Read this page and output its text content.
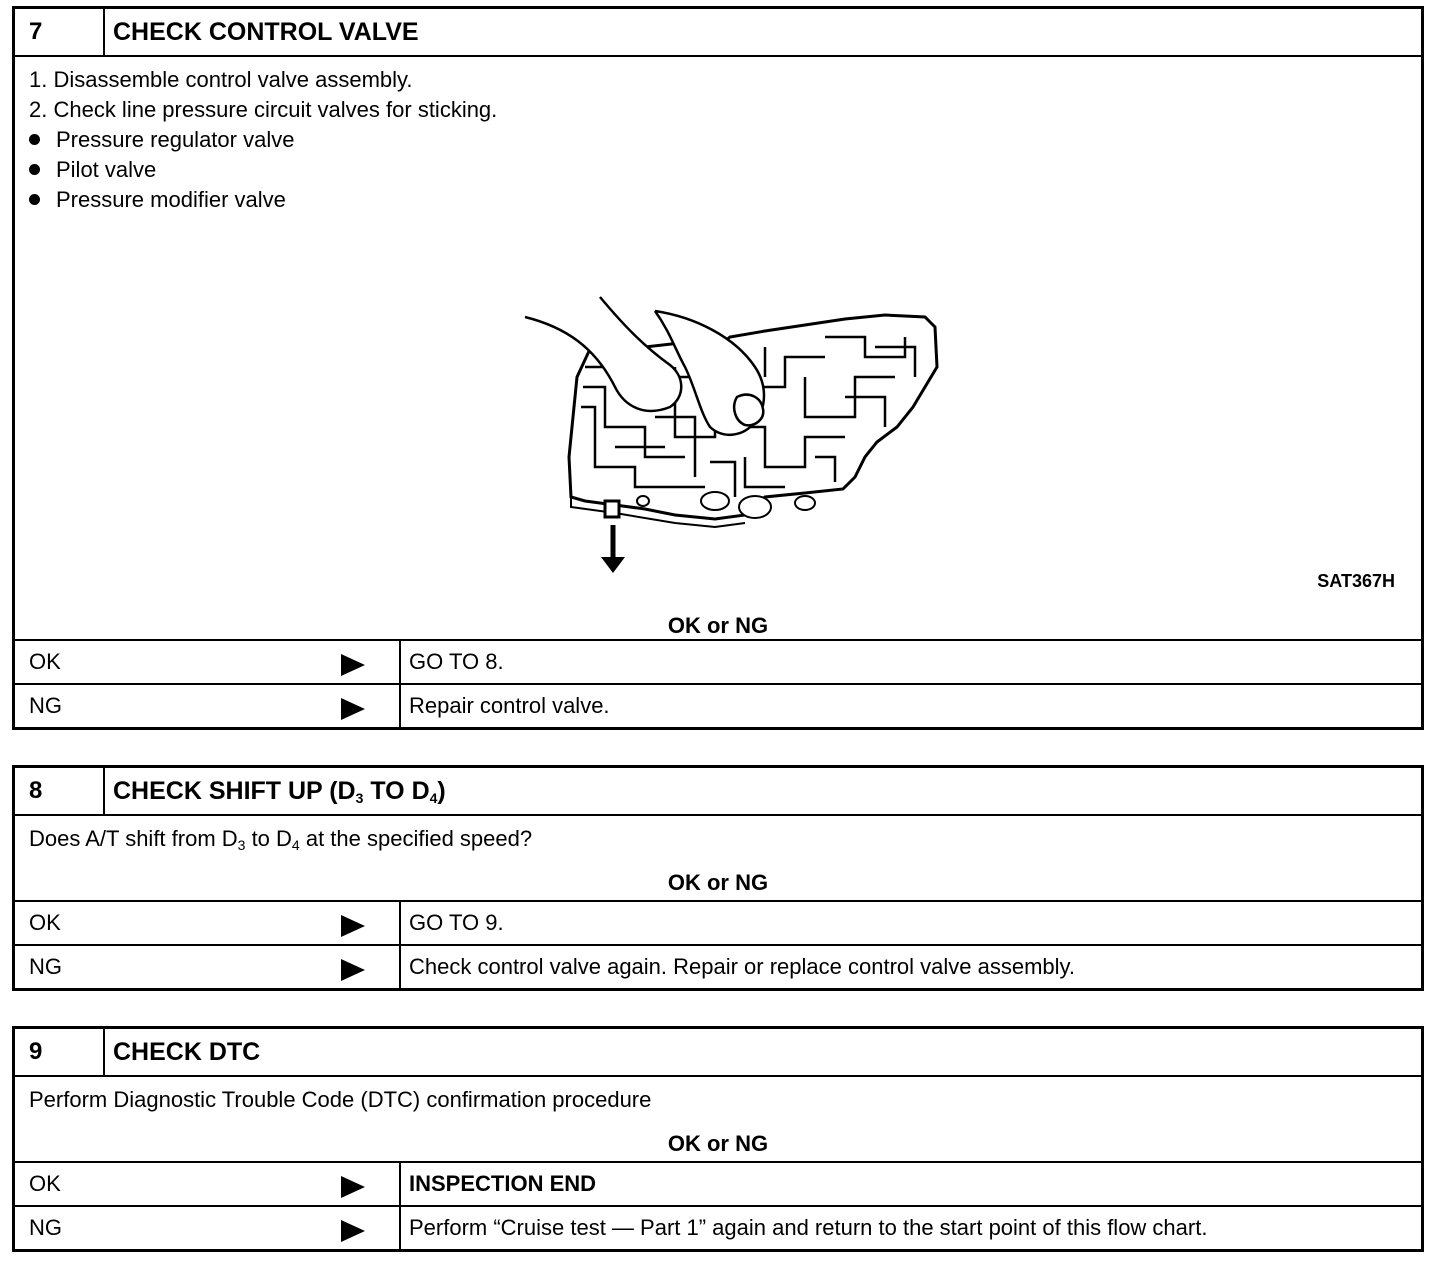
7	CHECK CONTROL VALVE
1. Disassemble control valve assembly.
2. Check line pressure circuit valves for sticking.
Pressure regulator valve
Pilot valve
Pressure modifier valve
SAT367H
OK or NG
OK	GO TO 8.
NG	Repair control valve.
8	CHECK SHIFT UP ($D_3$ TO $D_4$)
Does A/T shift from $D_3$ to $D_4$ at the specified speed?
OK or NG
OK	GO TO 9.
NG	Check control valve again. Repair or replace control valve assembly.
9	CHECK DTC
Perform Diagnostic Trouble Code (DTC) confirmation procedure
OK or NG
OK	INSPECTION END
NG	Perform “Cruise test — Part 1” again and return to the start point of this flow chart.
